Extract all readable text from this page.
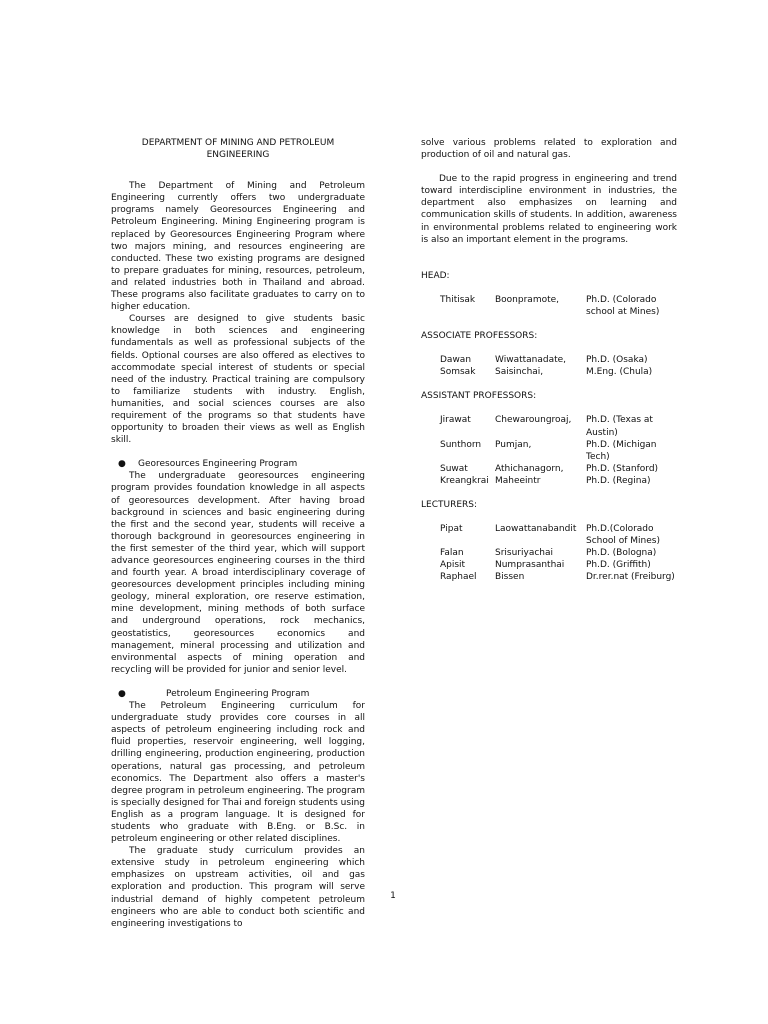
DEPARTMENT OF MINING AND PETROLEUM
ENGINEERING

The Department of Mining and Petroleum Engineering currently offers two undergraduate programs namely Georesources Engineering and Petroleum Engineering. Mining Engineering program is replaced by Georesources Engineering Program where two majors mining, and resources engineering are conducted. These two existing programs are designed to prepare graduates for mining, resources, petroleum, and related industries both in Thailand and abroad. These programs also facilitate graduates to carry on to higher education.

Courses are designed to give students basic knowledge in both sciences and engineering fundamentals as well as professional subjects of the fields. Optional courses are also offered as electives to accommodate special interest of students or special need of the industry. Practical training are compulsory to familiarize students with industry. English, humanities, and social sciences courses are also requirement of the programs so that students have opportunity to broaden their views as well as English skill.

●	Georesources Engineering Program

The undergraduate georesources engineering program provides foundation knowledge in all aspects of georesources development. After having broad background in sciences and basic engineering during the first and the second year, students will receive a thorough background in georesources engineering in the first semester of the third year, which will support advance georesources engineering courses in the third and fourth year. A broad interdisciplinary coverage of georesources development principles including mining geology, mineral exploration, ore reserve estimation, mine development, mining methods of both surface and underground operations, rock mechanics, geostatistics, georesources economics and management, mineral processing and utilization and environmental aspects of mining operation and recycling will be provided for junior and senior level.

●	Petroleum Engineering Program

The Petroleum Engineering curriculum for undergraduate study provides core courses in all aspects of petroleum engineering including rock and fluid properties, reservoir engineering, well logging, drilling engineering, production engineering, production operations, natural gas processing, and petroleum economics. The Department also offers a master's degree program in petroleum engineering. The program is specially designed for Thai and foreign students using English as a program language. It is designed for students who graduate with B.Eng. or B.Sc. in petroleum engineering or other related disciplines.

The graduate study curriculum provides an extensive study in petroleum engineering which emphasizes on upstream activities, oil and gas exploration and production. This program will serve industrial demand of highly competent petroleum engineers who are able to conduct both scientific and engineering investigations to

solve various problems related to exploration and production of oil and natural gas.

Due to the rapid progress in engineering and trend toward interdiscipline environment in industries, the department also emphasizes on learning and communication skills of students. In addition, awareness in environmental problems related to engineering work is also an important element in the programs.

HEAD:

Thitisak	Boonpramote,	Ph.D. (Colorado school at Mines)

ASSOCIATE PROFESSORS:

Dawan	Wiwattanadate,	Ph.D. (Osaka)
Somsak	Saisinchai,	M.Eng. (Chula)

ASSISTANT PROFESSORS:

Jirawat	Chewaroungroaj,	Ph.D. (Texas at Austin)
Sunthorn	Pumjan,	Ph.D. (Michigan Tech)
Suwat	Athichanagorn,	Ph.D. (Stanford)
Kreangkrai Maheeintr	Ph.D. (Regina)

LECTURERS:

Pipat	Laowattanabandit	Ph.D.(Colorado School of Mines)
Falan	Srisuriyachai	Ph.D. (Bologna)
Apisit	Numprasanthai	Ph.D. (Griffith)
Raphael	Bissen	Dr.rer.nat (Freiburg)
1
